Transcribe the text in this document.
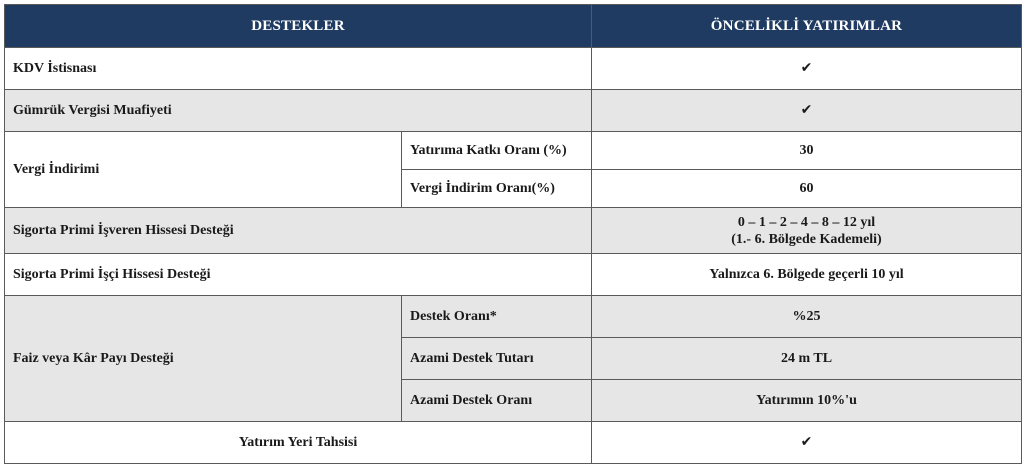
DESTEKLER		ÖNCELİKLİ YATIRIMLAR
KDV İstisnası		✔
Gümrük Vergisi Muafiyeti		✔
Vergi İndirimi	Yatırıma Katkı Oranı (%)	30
	Vergi İndirim Oranı(%)	60
Sigorta Primi İşveren Hissesi Desteği		0 – 1 – 2 – 4 – 8 – 12 yıl
(1.- 6. Bölgede Kademeli)

Sigorta Primi İşçi Hissesi Desteği		Yalnızca 6. Bölgede geçerli 10 yıl
Faiz veya Kâr Payı Desteği	Destek Oranı*	%25
	Azami Destek Tutarı	24 m TL
	Azami Destek Oranı	Yatırımın 10%'u
Yatırım Yeri Tahsisi		✔
